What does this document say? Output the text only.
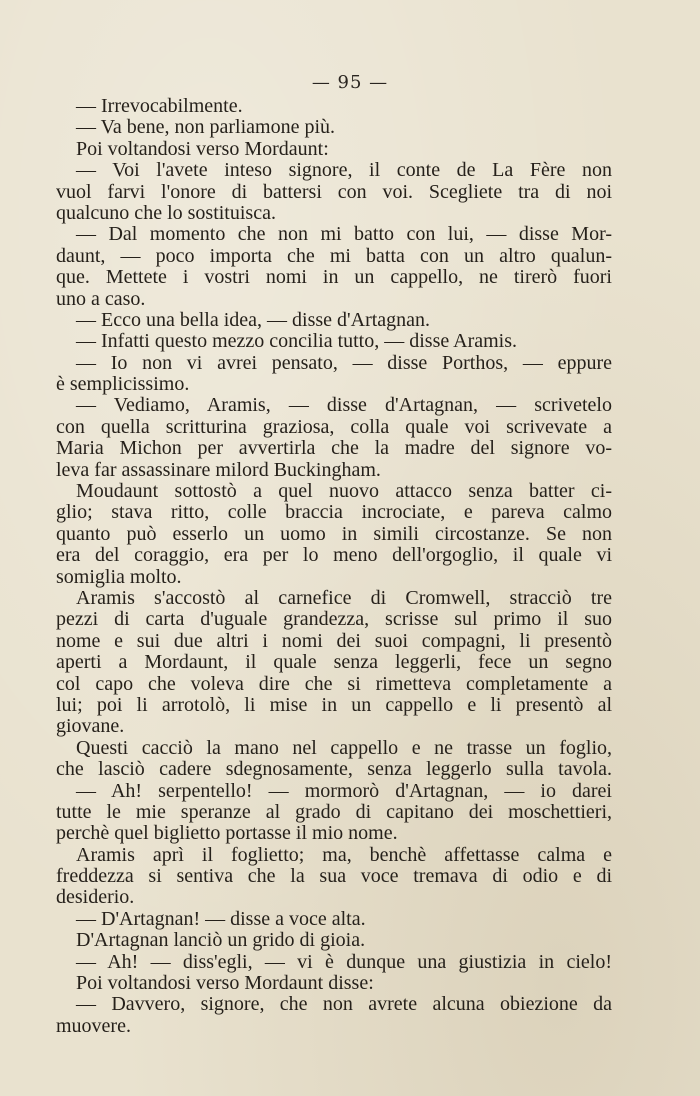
— 95 —
— Irrevocabilmente.
— Va bene, non parliamone più.
Poi voltandosi verso Mordaunt:
— Voi l'avete inteso signore, il conte de La Fère non
vuol farvi l'onore di battersi con voi. Scegliete tra di noi
qualcuno che lo sostituisca.
— Dal momento che non mi batto con lui, — disse Mor-
daunt, — poco importa che mi batta con un altro qualun-
que. Mettete i vostri nomi in un cappello, ne tirerò fuori
uno a caso.
— Ecco una bella idea, — disse d'Artagnan.
— Infatti questo mezzo concilia tutto, — disse Aramis.
— Io non vi avrei pensato, — disse Porthos, — eppure
è semplicissimo.
— Vediamo, Aramis, — disse d'Artagnan, — scrivetelo
con quella scritturina graziosa, colla quale voi scrivevate a
Maria Michon per avvertirla che la madre del signore vo-
leva far assassinare milord Buckingham.
Moudaunt sottostò a quel nuovo attacco senza batter ci-
glio; stava ritto, colle braccia incrociate, e pareva calmo
quanto può esserlo un uomo in simili circostanze. Se non
era del coraggio, era per lo meno dell'orgoglio, il quale vi
somiglia molto.
Aramis s'accostò al carnefice di Cromwell, stracciò tre
pezzi di carta d'uguale grandezza, scrisse sul primo il suo
nome e sui due altri i nomi dei suoi compagni, li presentò
aperti a Mordaunt, il quale senza leggerli, fece un segno
col capo che voleva dire che si rimetteva completamente a
lui; poi li arrotolò, li mise in un cappello e li presentò al
giovane.
Questi cacciò la mano nel cappello e ne trasse un foglio,
che lasciò cadere sdegnosamente, senza leggerlo sulla tavola.
— Ah! serpentello! — mormorò d'Artagnan, — io darei
tutte le mie speranze al grado di capitano dei moschettieri,
perchè quel biglietto portasse il mio nome.
Aramis aprì il foglietto; ma, benchè affettasse calma e
freddezza si sentiva che la sua voce tremava di odio e di
desiderio.
— D'Artagnan! — disse a voce alta.
D'Artagnan lanciò un grido di gioia.
— Ah! — diss'egli, — vi è dunque una giustizia in cielo!
Poi voltandosi verso Mordaunt disse:
— Davvero, signore, che non avrete alcuna obiezione da
muovere.
